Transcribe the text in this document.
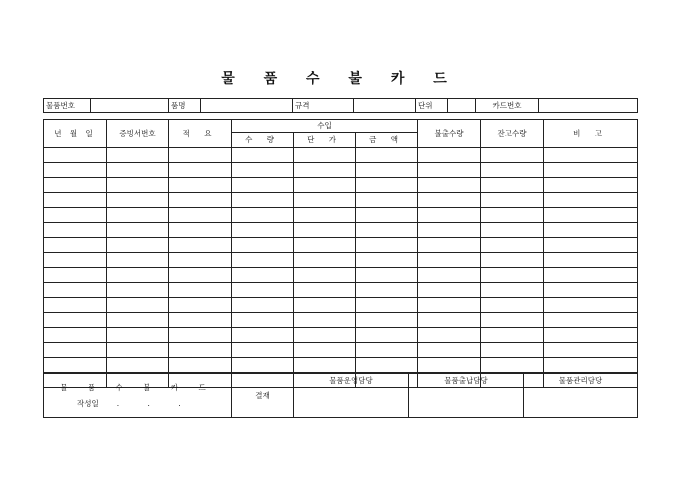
물 품 수 불 카 드
물품번호		품명		규격		단위		카드번호	
년 월 일	증빙서번호	적 요	수입			불출수량	잔고수량	비 고
			수 량	단 가	금 액			

물 품 수 불 카 드
작성일 . . .	결재	물품운영담당	물품출납담당	물품관리담당
